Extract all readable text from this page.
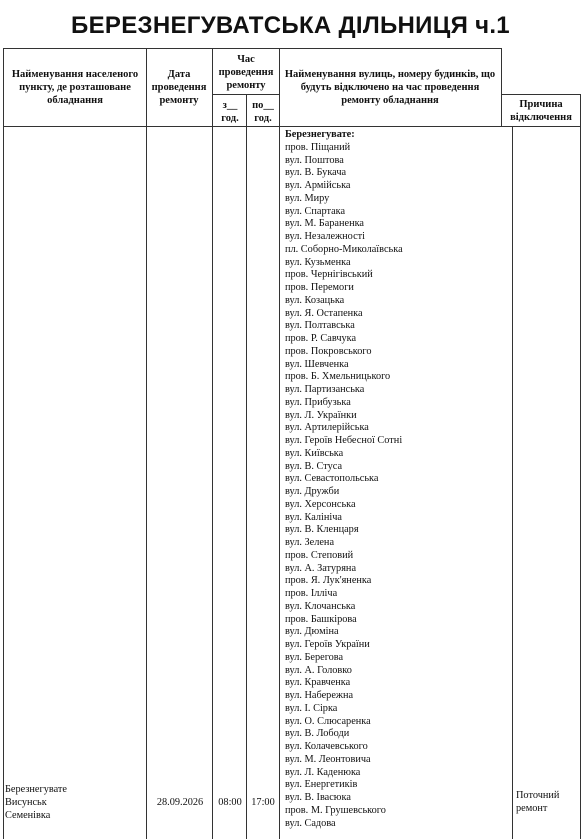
БЕРЕЗНЕГУВАТСЬКА ДІЛЬНИЦЯ ч.1
Найменування населеного пункту, де розташоване обладнання
Дата проведення ремонту
Час проведення ремонту
з__ год.
по__ год.
Найменування вулиць, номеру будинків, що будуть відключено на час проведення ремонту обладнання	Причина відключення
Березнегувате:
пров. Піщаний
вул. Поштова
вул. В. Букача
вул. Армійська
вул. Миру
вул. Спартака
вул. М. Бараненка
вул. Незалежності
пл. Соборно-Миколаївська
вул. Кузьменка
пров. Чернігівський
пров. Перемоги
вул. Козацька
вул. Я. Остапенка
вул. Полтавська
пров. Р. Савчука
пров. Покровського
вул. Шевченка
пров. Б. Хмельницького
вул. Партизанська
вул. Прибузька
вул. Л. Українки
вул. Артилерійська
вул. Героїв Небесної Сотні
вул. Київська
вул. В. Стуса
вул. Севастопольська
вул. Дружби
вул. Херсонська
вул. Калініча
вул. В. Кленцаря
вул. Зелена
пров. Степовий
вул. А. Затуряна
пров. Я. Лук'яненка
пров. Ілліча
вул. Клочанська
пров. Башкірова
вул. Дюміна
вул. Героїв України
вул. Берегова
вул. А. Головко
вул. Кравченка
вул. Набережна
вул. І. Сірка
вул. О. Слюсаренка
вул. В. Лободи
вул. Колачевського
вул. М. Леонтовича
вул. Л. Каденюка
вул. Енергетиків
вул. В. Івасюка
пров. М. Грушевського
вул. Садова
Березнегувате
Висунськ
Семенівка
28.09.2026	08:00 17:00
Поточний ремонт
